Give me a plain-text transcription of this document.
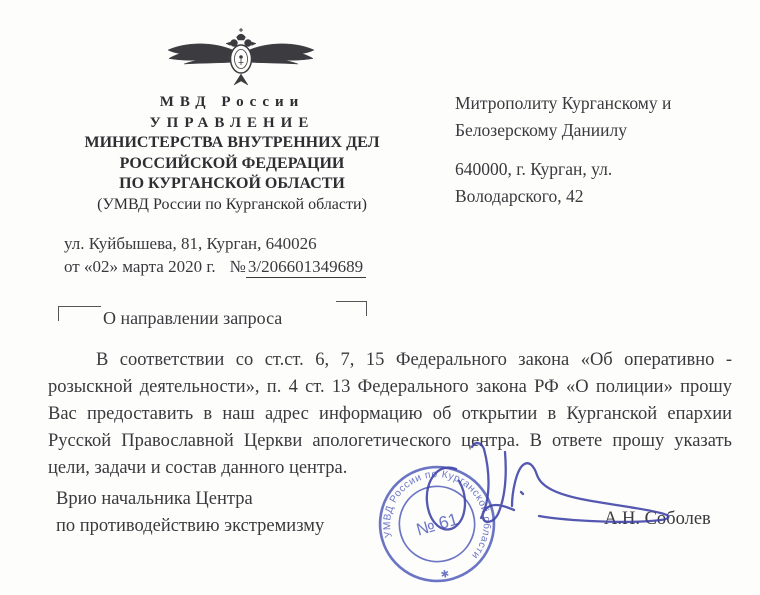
МВД России
УПРАВЛЕНИЕ
МИНИСТЕРСТВА ВНУТРЕННИХ ДЕЛ
РОССИЙСКОЙ ФЕДЕРАЦИИ
ПО КУРГАНСКОЙ ОБЛАСТИ
(УМВД России по Курганской области)
ул. Куйбышева, 81, Курган, 640026
от «02» марта 2020 г. № 3/206601349689
Митрополиту Курганскому и
Белозерскому Даниилу
640000, г. Курган, ул.
Володарского, 42
О направлении запроса

В соответствии со ст.ст. 6, 7, 15 Федерального закона «Об оперативно - розыскной деятельности», п. 4 ст. 13 Федерального закона РФ «О полиции» прошу Вас предоставить в наш адрес информацию об открытии в Курганской епархии Русской Православной Церкви апологетического центра. В ответе прошу указать цели, задачи и состав данного центра.

Врио начальника Центра
по противодействию экстремизму	А.Н. Соболев
УМВД России по Курганской области
✱
№ 61
